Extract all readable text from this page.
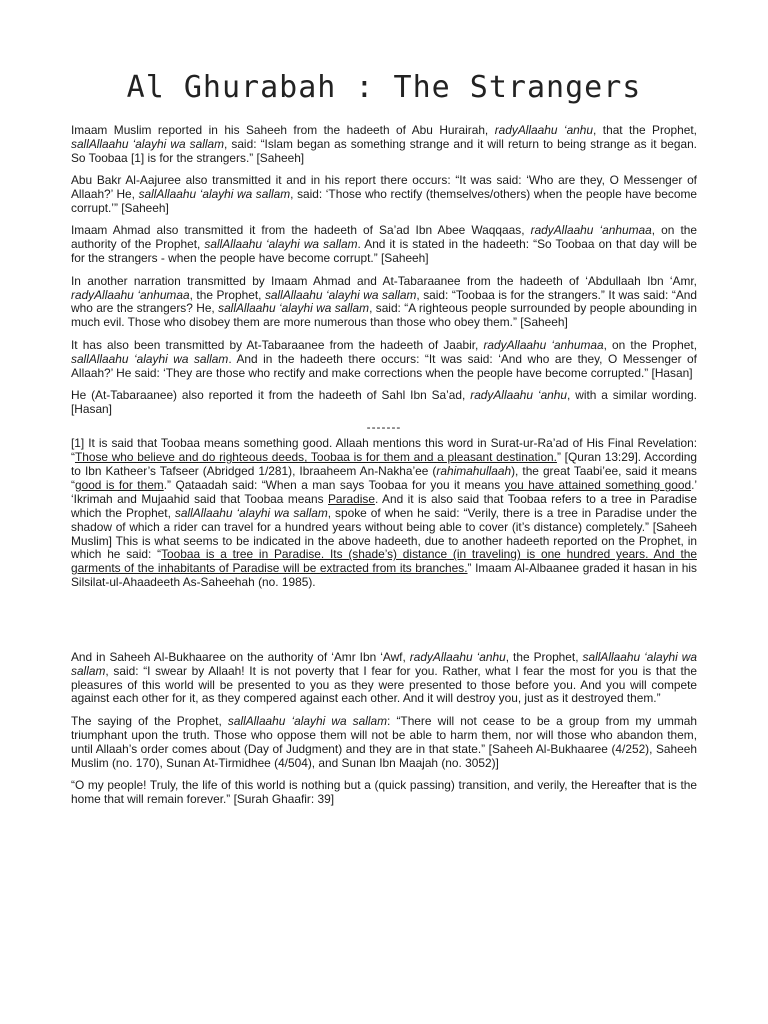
Al Ghurabah : The Strangers

Imaam Muslim reported in his Saheeh from the hadeeth of Abu Hurairah, radyAllaahu ‘anhu, that the Prophet, sallAllaahu ‘alayhi wa sallam, said: “Islam began as something strange and it will return to being strange as it began. So Toobaa [1] is for the strangers.” [Saheeh]

Abu Bakr Al-Aajuree also transmitted it and in his report there occurs: “It was said: ‘Who are they, O Messenger of Allaah?’ He, sallAllaahu ‘alayhi wa sallam, said: ‘Those who rectify (themselves/others) when the people have become corrupt.’” [Saheeh]

Imaam Ahmad also transmitted it from the hadeeth of Sa’ad Ibn Abee Waqqaas, radyAllaahu ‘anhumaa, on the authority of the Prophet, sallAllaahu ‘alayhi wa sallam. And it is stated in the hadeeth: “So Toobaa on that day will be for the strangers - when the people have become corrupt.” [Saheeh]

In another narration transmitted by Imaam Ahmad and At-Tabaraanee from the hadeeth of ‘Abdullaah Ibn ‘Amr, radyAllaahu ‘anhumaa, the Prophet, sallAllaahu ‘alayhi wa sallam, said: “Toobaa is for the strangers.” It was said: “And who are the strangers? He, sallAllaahu ‘alayhi wa sallam, said: “A righteous people surrounded by people abounding in much evil. Those who disobey them are more numerous than those who obey them.” [Saheeh]

It has also been transmitted by At-Tabaraanee from the hadeeth of Jaabir, radyAllaahu ‘anhumaa, on the Prophet, sallAllaahu ‘alayhi wa sallam. And in the hadeeth there occurs: “It was said: ‘And who are they, O Messenger of Allaah?’ He said: ‘They are those who rectify and make corrections when the people have become corrupted.” [Hasan]

He (At-Tabaraanee) also reported it from the hadeeth of Sahl Ibn Sa’ad, radyAllaahu ‘anhu, with a similar wording. [Hasan]

-------

[1] It is said that Toobaa means something good. Allaah mentions this word in Surat-ur-Ra’ad of His Final Revelation: “Those who believe and do righteous deeds, Toobaa is for them and a pleasant destination.” [Quran 13:29]. According to Ibn Katheer’s Tafseer (Abridged 1/281), Ibraaheem An-Nakha’ee (rahimahullaah), the great Taabi’ee, said it means “good is for them.” Qataadah said: “When a man says Toobaa for you it means you have attained something good.’ ‘Ikrimah and Mujaahid said that Toobaa means Paradise. And it is also said that Toobaa refers to a tree in Paradise which the Prophet, sallAllaahu ‘alayhi wa sallam, spoke of when he said: “Verily, there is a tree in Paradise under the shadow of which a rider can travel for a hundred years without being able to cover (it’s distance) completely.” [Saheeh Muslim] This is what seems to be indicated in the above hadeeth, due to another hadeeth reported on the Prophet, in which he said: “Toobaa is a tree in Paradise. Its (shade’s) distance (in traveling) is one hundred years. And the garments of the inhabitants of Paradise will be extracted from its branches.” Imaam Al-Albaanee graded it hasan in his Silsilat-ul-Ahaadeeth As-Saheehah (no. 1985).

And in Saheeh Al-Bukhaaree on the authority of ‘Amr Ibn ‘Awf, radyAllaahu ‘anhu, the Prophet, sallAllaahu ‘alayhi wa sallam, said: “I swear by Allaah! It is not poverty that I fear for you. Rather, what I fear the most for you is that the pleasures of this world will be presented to you as they were presented to those before you. And you will compete against each other for it, as they compered against each other. And it will destroy you, just as it destroyed them.”

The saying of the Prophet, sallAllaahu ‘alayhi wa sallam: “There will not cease to be a group from my ummah triumphant upon the truth. Those who oppose them will not be able to harm them, nor will those who abandon them, until Allaah’s order comes about (Day of Judgment) and they are in that state.” [Saheeh Al-Bukhaaree (4/252), Saheeh Muslim (no. 170), Sunan At-Tirmidhee (4/504), and Sunan Ibn Maajah (no. 3052)]

“O my people! Truly, the life of this world is nothing but a (quick passing) transition, and verily, the Hereafter that is the home that will remain forever.” [Surah Ghaafir: 39]
